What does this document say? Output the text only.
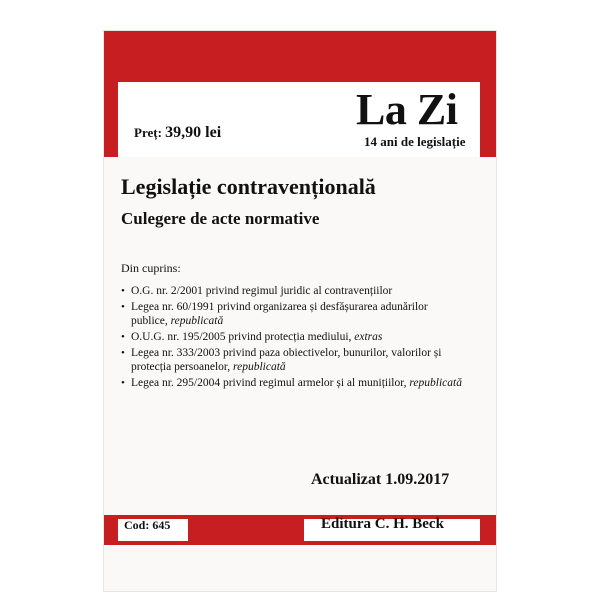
Preț: 39,90 lei	La Zi
14 ani de legislație
Legislație contravențională
Culegere de acte normative
Din cuprins:
• O.G. nr. 2/2001 privind regimul juridic al contravențiilor
• Legea nr. 60/1991 privind organizarea și desfășurarea adunărilor publice, republicată
• O.U.G. nr. 195/2005 privind protecția mediului, extras
• Legea nr. 333/2003 privind paza obiectivelor, bunurilor, valorilor și protecția persoanelor, republicată
• Legea nr. 295/2004 privind regimul armelor și al munițiilor, republicată
Actualizat 1.09.2017
Cod: 645	Editura C. H. Beck
